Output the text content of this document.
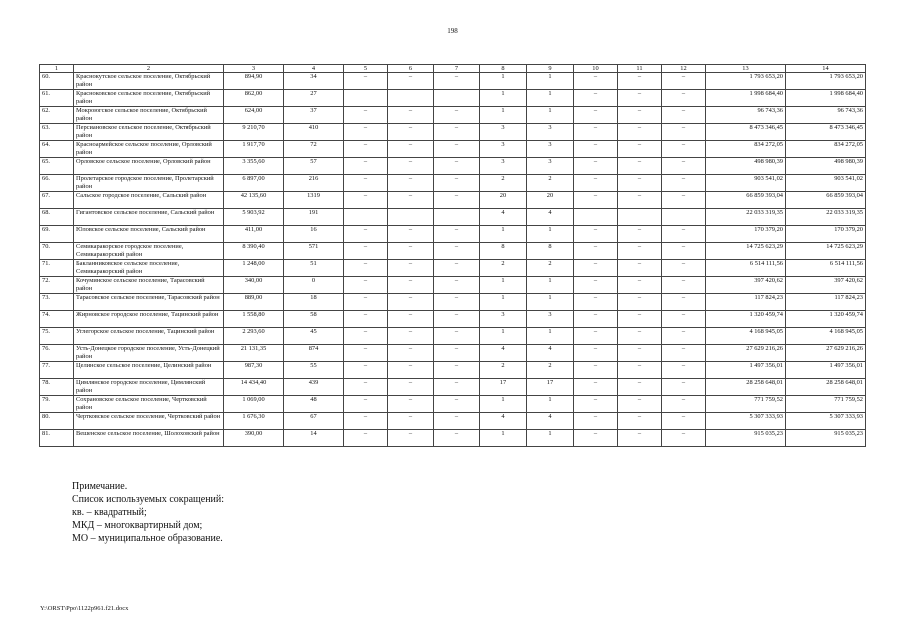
198
1	2	3	4	5	6	7	8	9	10	11	12	13	14
60.	Краснокутское сельское поселение, Октябрьский район	894,90	34	–	–	–	1	1	–	–	–	1 793 653,20	1 793 653,20
61.	Красноковское сельское поселение, Октябрьский район	862,00	27				1	1	–	–	–	1 998 684,40	1 998 684,40
62.	Мокроюгское сельское поселение, Октябрьский район	624,00	37	–	–	–	1	1	–	–	–	96 743,36	96 743,36
63.	Персиановское сельское поселение, Октябрьский район	9 210,70	410	–	–	–	3	3	–	–	–	8 473 346,45	8 473 346,45
64.	Красноармейское сельское поселение, Орловский район	1 917,70	72	–	–	–	3	3	–	–	–	834 272,05	834 272,05
65.	Орловское сельское поселение, Орловский район	3 355,60	57	–	–	–	3	3	–	–	–	498 980,39	498 980,39
66.	Пролетарское городское поселение, Пролетарский район	6 897,00	216	–	–	–	2	2	–	–	–	903 541,02	903 541,02
67.	Сальское городское поселение, Сальский район	42 135,60	1319	–	–	–	20	20	–	–	–	66 859 393,04	66 859 393,04
68.	Гигантовское сельское поселение, Сальский район	5 903,92	191				4	4				22 033 319,35	22 033 319,35
69.	Юловское сельское поселение, Сальский район	411,00	16	–	–	–	1	1	–	–	–	170 379,20	170 379,20
70.	Семикаракорское городское поселение, Семикаракорский район	8 390,40	571	–	–	–	8	8	–	–	–	14 725 623,29	14 725 623,29
71.	Бакланниковское сельское поселение, Семикаракорский район	1 248,00	51	–	–	–	2	2	–	–	–	6 514 111,56	6 514 111,56
72.	Кочуминское сельское поселение, Тарасовский район	340,00	0	–	–	–	1	1	–	–	–	397 420,62	397 420,62
73.	Тарасовское сельское поселение, Тарасовский район	889,00	18	–	–	–	1	1	–	–	–	117 824,23	117 824,23
74.	Жирновское городское поселение, Тацинский район	1 558,80	58	–	–	–	3	3	–	–	–	1 320 459,74	1 320 459,74
75.	Углегорское сельское поселение, Тацинский район	2 293,60	45	–	–	–	1	1	–	–	–	4 168 945,05	4 168 945,05
76.	Усть-Донецкое городское поселение, Усть-Донецкий район	21 131,35	874	–	–	–	4	4	–	–	–	27 629 216,26	27 629 216,26
77.	Целинское сельское поселение, Целинский район	987,30	55	–	–	–	2	2	–	–	–	1 497 356,01	1 497 356,01
78.	Цимлянское городское поселение, Цимлянский район	14 434,40	439	–	–	–	17	17	–	–	–	28 258 648,01	28 258 648,01
79.	Сохрановское сельское поселение, Чертковский район	1 069,00	48	–	–	–	1	1	–	–	–	771 759,52	771 759,52
80.	Чертковское сельское поселение, Чертковский район	1 676,30	67	–	–	–	4	4	–	–	–	5 307 333,93	5 307 333,93
81.	Вешенское сельское поселение, Шолоховский район	390,00	14	–	–	–	1	1	–	–	–	915 035,23	915 035,23
Примечание.
Список используемых сокращений:
кв. – квадратный;
МКД – многоквартирный дом;
МО – муниципальное образование.
Y:\ORST\Ppo\1122p961.f21.docx
